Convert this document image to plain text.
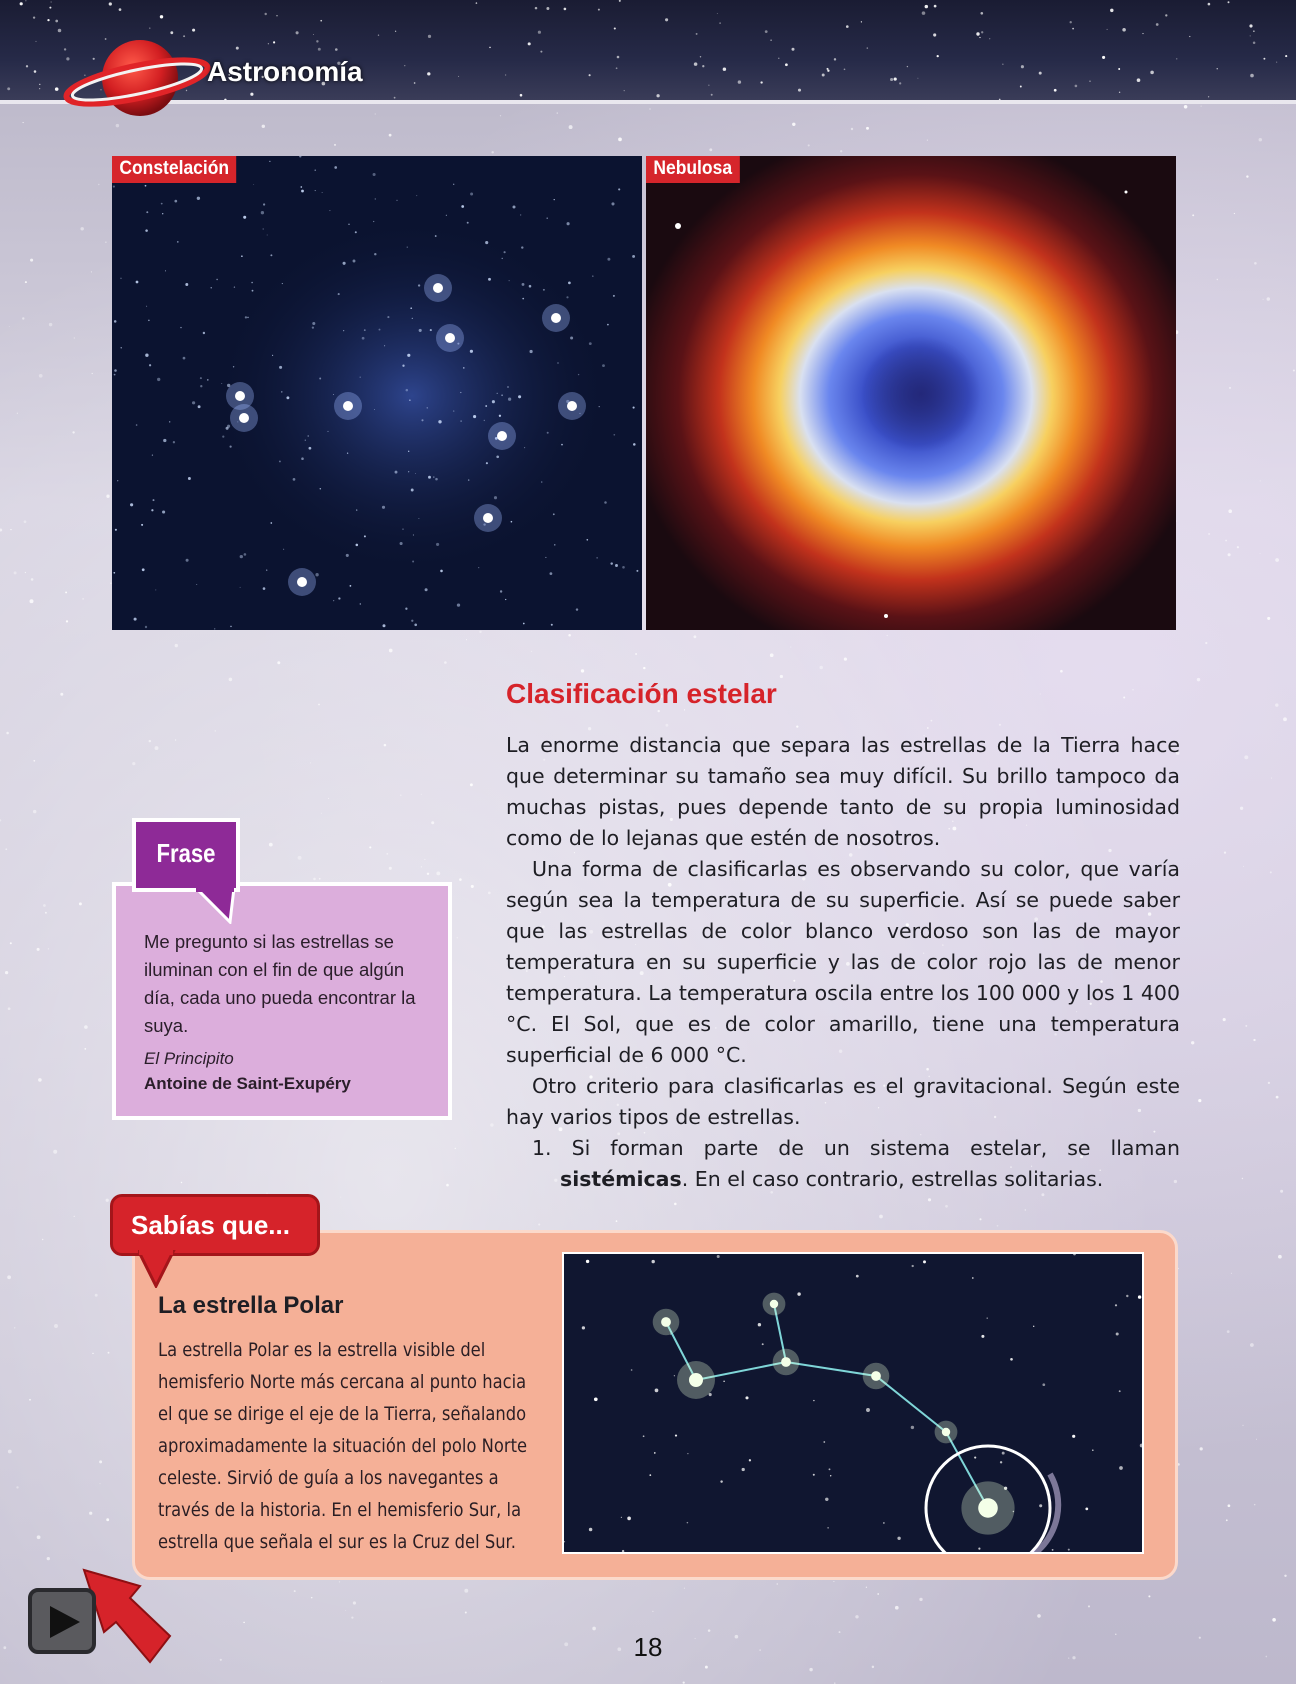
Astronomía
Constelación	Nebulosa
Clasificación estelar

La enorme distancia que separa las estrellas de la Tierra hace que determinar su tamaño sea muy difícil. Su brillo tampoco da muchas pistas, pues depende tanto de su propia luminosidad como de lo lejanas que estén de nosotros.

Una forma de clasificarlas es observando su color, que varía según sea la temperatura de su superficie. Así se puede saber que las estrellas de color blanco verdoso son las de mayor temperatura en su superficie y las de color rojo las de menor temperatura. La temperatura oscila entre los 100 000 y los 1 400 °C. El Sol, que es de color amarillo, tiene una temperatura superficial de 6 000 °C.

Otro criterio para clasificarlas es el gravitacional. Según este hay varios tipos de estrellas.

1. Si forman parte de un sistema estelar, se llaman sistémicas. En el caso contrario, estrellas solitarias.

Frase
Me pregunto si las estrellas se iluminan con el fin de que algún día, cada uno pueda encontrar la suya.
El Principito
Antoine de Saint-Exupéry
Sabías que...
La estrella Polar
La estrella Polar es la estrella visible del hemisferio Norte más cercana al punto hacia el que se dirige el eje de la Tierra, señalando aproximadamente la situación del polo Norte celeste. Sirvió de guía a los navegantes a través de la historia. En el hemisferio Sur, la estrella que señala el sur es la Cruz del Sur.
18
